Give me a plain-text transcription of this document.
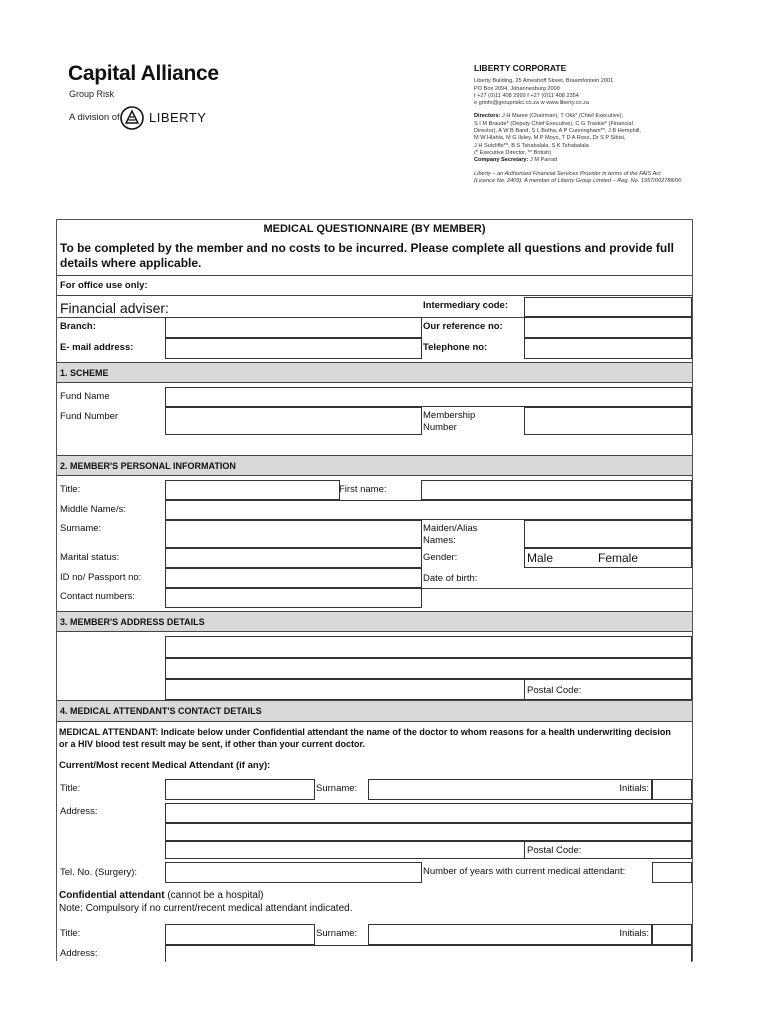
Capital Alliance
Group Risk
A division of LIBERTY
LIBERTY CORPORATE
Liberty Building, 25 Ameshoff Street, Braamfontein 2001
PO Box 2094, Johannesburg 2000
t +27 (0)11 408 2999 f +27 (0)11 408 2354
e grinfo@groupriskc.co.za w www.liberty.co.za
Directors: J H Maree (Chairman), T Okk* (Chief Executive),
S I M Braude* (Deputy Chief Executive), C G Troskie* (Financial
Director), A W B Band, S L Botha, A P Cunningham**, J B Hemphill,
M W Hlahla, M G Ilsley, M P Moyo, T D A Ross, Dr S P Sibisi,
J H Sutcliffe**, B S Tshabalala, S K Tshabalala
(* Executive Director, ** British)
Company Secretary: J M Parratt
Liberty – an Authorised Financial Services Provider in terms of the FAIS Act
(Licence No. 2409). A member of Liberty Group Limited – Reg. No. 1957/002788/06
MEDICAL QUESTIONNAIRE (BY MEMBER)
To be completed by the member and no costs to be incurred. Please complete all questions and provide full details where applicable.
For office use only:
Financial adviser:	Intermediary code:
Branch:	Our reference no:
E- mail address:	Telephone no:
1. SCHEME
Fund Name
Fund Number	Membership
Number
2. MEMBER'S PERSONAL INFORMATION
Title:	First name:
Middle Name/s:
Surname:	Maiden/Alias
Names:
Marital status:	Gender:	Male	Female
ID no/ Passport no:	Date of birth:
Contact numbers:
3. MEMBER'S ADDRESS DETAILS
Postal Code:
4. MEDICAL ATTENDANT'S CONTACT DETAILS
MEDICAL ATTENDANT: Indicate below under Confidential attendant the name of the doctor to whom reasons for a health underwriting decision or a HIV blood test result may be sent, if other than your current doctor.
Current/Most recent Medical Attendant (if any):
Title:	Surname:	Initials:
Address:
Postal Code:
Tel. No. (Surgery):	Number of years with current medical attendant:
Confidential attendant (cannot be a hospital)
Note: Compulsory if no current/recent medical attendant indicated.
Title:	Surname:	Initials:
Address:
